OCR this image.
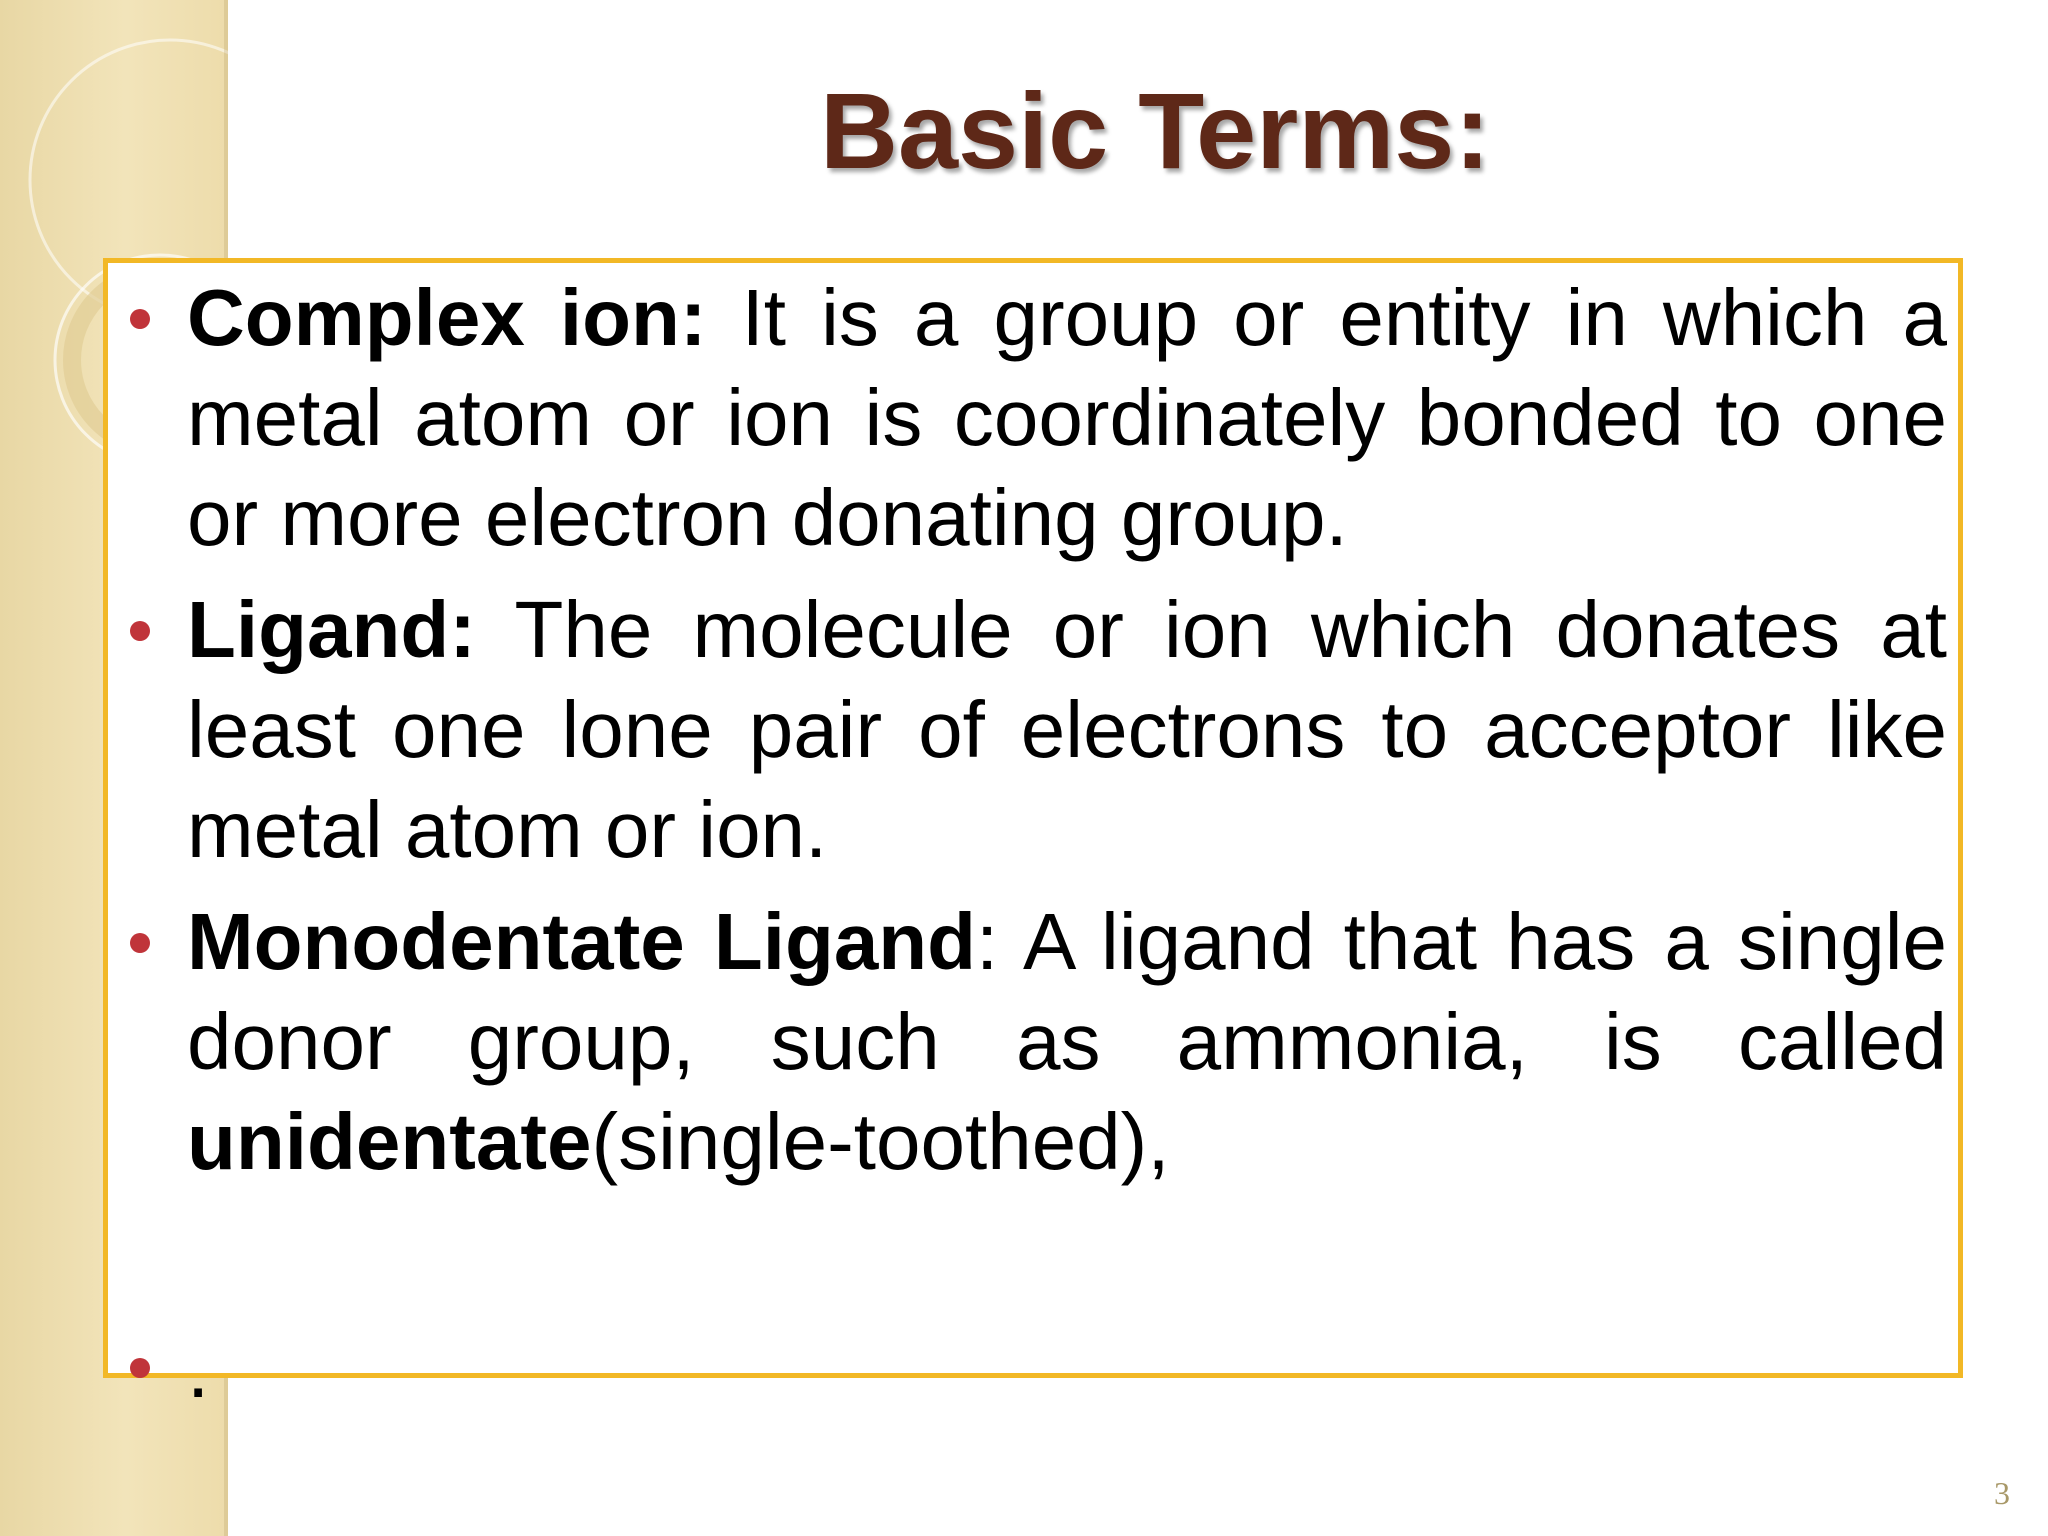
Basic Terms:
Complex ion: It is a group or entity in which a metal atom or ion is coordinately bonded to one or more electron donating group.
Ligand: The molecule or ion which donates at least one lone pair of electrons to acceptor like metal atom or ion.
Monodentate Ligand: A ligand that has a single donor group, such as ammonia, is called unidentate(single-toothed),
.
3
